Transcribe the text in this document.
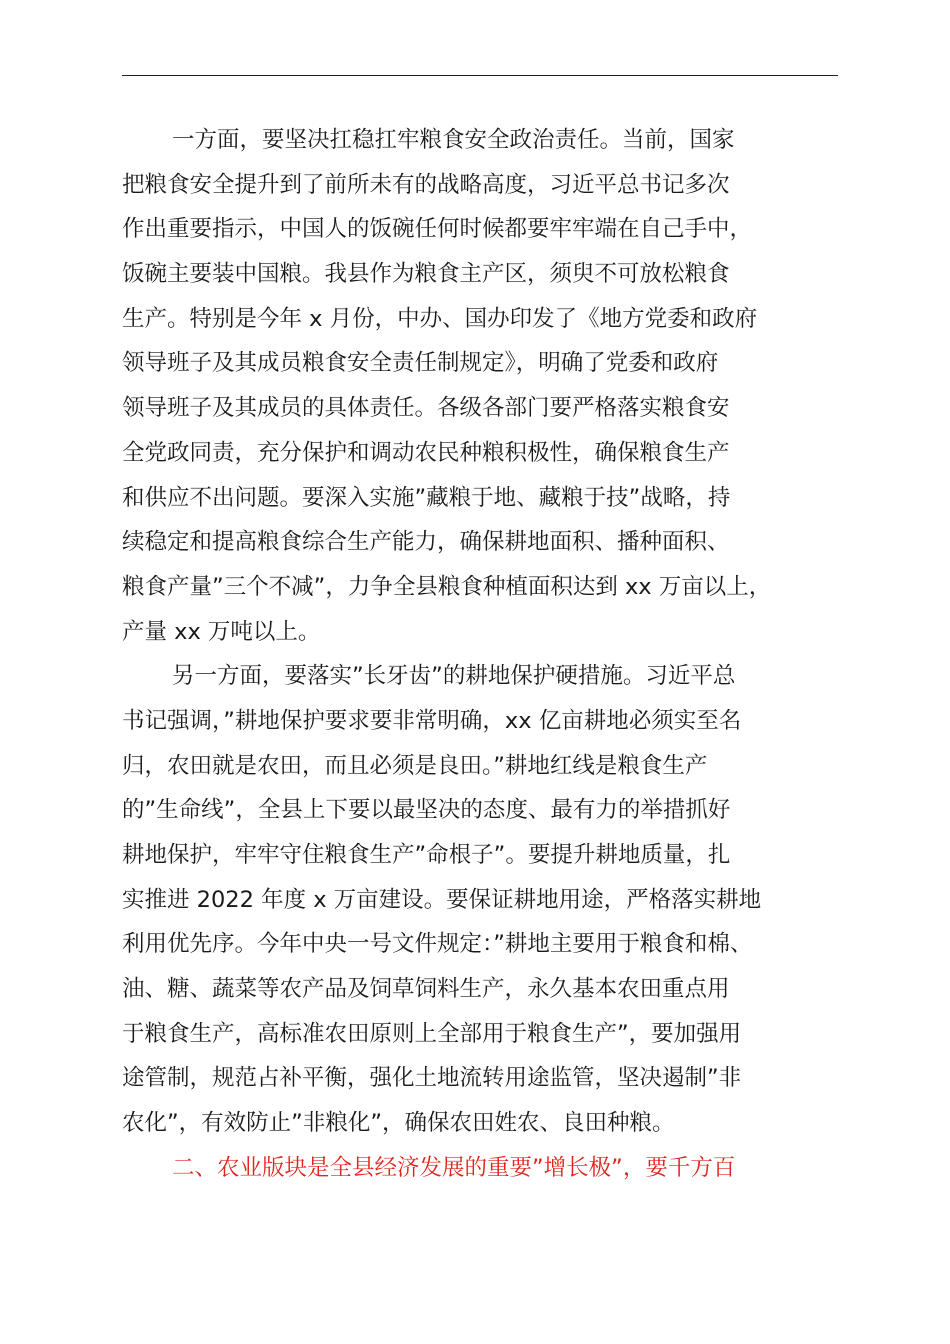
一方面，要坚决扛稳扛牢粮食安全政治责任。当前，国家
把粮食安全提升到了前所未有的战略高度，习近平总书记多次
作出重要指示，中国人的饭碗任何时候都要牢牢端在自己手中，
饭碗主要装中国粮。我县作为粮食主产区，须臾不可放松粮食
生产。特别是今年 x 月份，中办、国办印发了《地方党委和政府
领导班子及其成员粮食安全责任制规定》，明确了党委和政府
领导班子及其成员的具体责任。各级各部门要严格落实粮食安
全党政同责，充分保护和调动农民种粮积极性，确保粮食生产
和供应不出问题。要深入实施”藏粮于地、藏粮于技”战略，持
续稳定和提高粮食综合生产能力，确保耕地面积、播种面积、
粮食产量”三个不减”，力争全县粮食种植面积达到 xx 万亩以上，
产量 xx 万吨以上。
另一方面，要落实”长牙齿”的耕地保护硬措施。习近平总
书记强调，”耕地保护要求要非常明确，xx 亿亩耕地必须实至名
归，农田就是农田，而且必须是良田。”耕地红线是粮食生产
的”生命线”，全县上下要以最坚决的态度、最有力的举措抓好
耕地保护，牢牢守住粮食生产”命根子”。要提升耕地质量，扎
实推进 2022 年度 x 万亩建设。要保证耕地用途，严格落实耕地
利用优先序。今年中央一号文件规定：”耕地主要用于粮食和棉、
油、糖、蔬菜等农产品及饲草饲料生产，永久基本农田重点用
于粮食生产，高标准农田原则上全部用于粮食生产”，要加强用
途管制，规范占补平衡，强化土地流转用途监管，坚决遏制”非
农化”，有效防止”非粮化”，确保农田姓农、良田种粮。
二、农业版块是全县经济发展的重要”增长极”，要千方百
